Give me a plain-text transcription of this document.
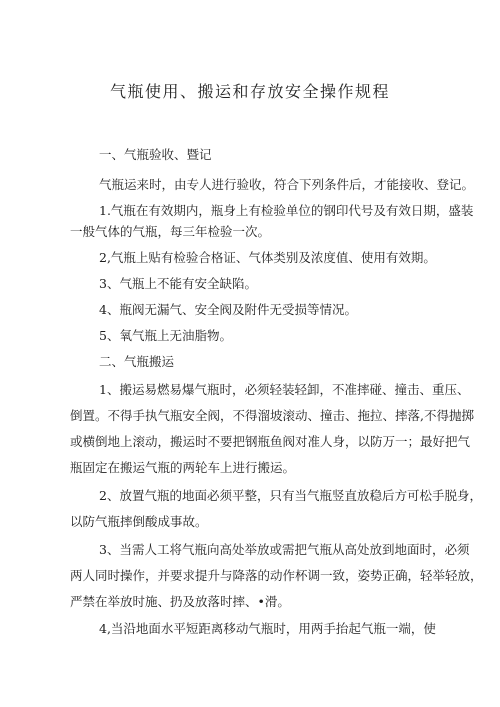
气瓶使用、搬运和存放安全操作规程
一、气瓶验收、暨记
气瓶运来时，由专人进行验收，符合下列条件后，才能接收、登记。
1.气瓶在有效期内，瓶身上有检验单位的钢印代号及有效日期，盛装
一般气体的气瓶，每三年检验一次。
2,气瓶上贴有检验合格证、气体类别及浓度值、使用有效期。
3、气瓶上不能有安全缺陷。
4、瓶阀无漏气、安全阀及附件无受损等情况。
5、氧气瓶上无油脂物。
二、气瓶搬运
1、搬运易燃易爆气瓶时，必须轻装轻卸，不准摔碰、撞击、重压、
倒置。不得手执气瓶安全阀，不得溜坡滚动、撞击、拖拉、摔落,不得抛掷
或横倒地上滚动，搬运时不要把钢瓶鱼阀对准人身，以防万一；最好把气
瓶固定在搬运气瓶的两轮车上进行搬运。
2、放置气瓶的地面必须平整，只有当气瓶竖直放稳后方可松手脱身，
以防气瓶摔倒酸成事故。
3、当需人工将气瓶向高处举放或需把气瓶从高处放到地面时，必须
两人同时操作，并要求提升与降落的动作杯调一致，姿势正确，轻举轻放，
严禁在举放时施、扔及放落时摔、•滑。
4,当沿地面水平短距离移动气瓶时，用两手抬起气瓶一端，使
